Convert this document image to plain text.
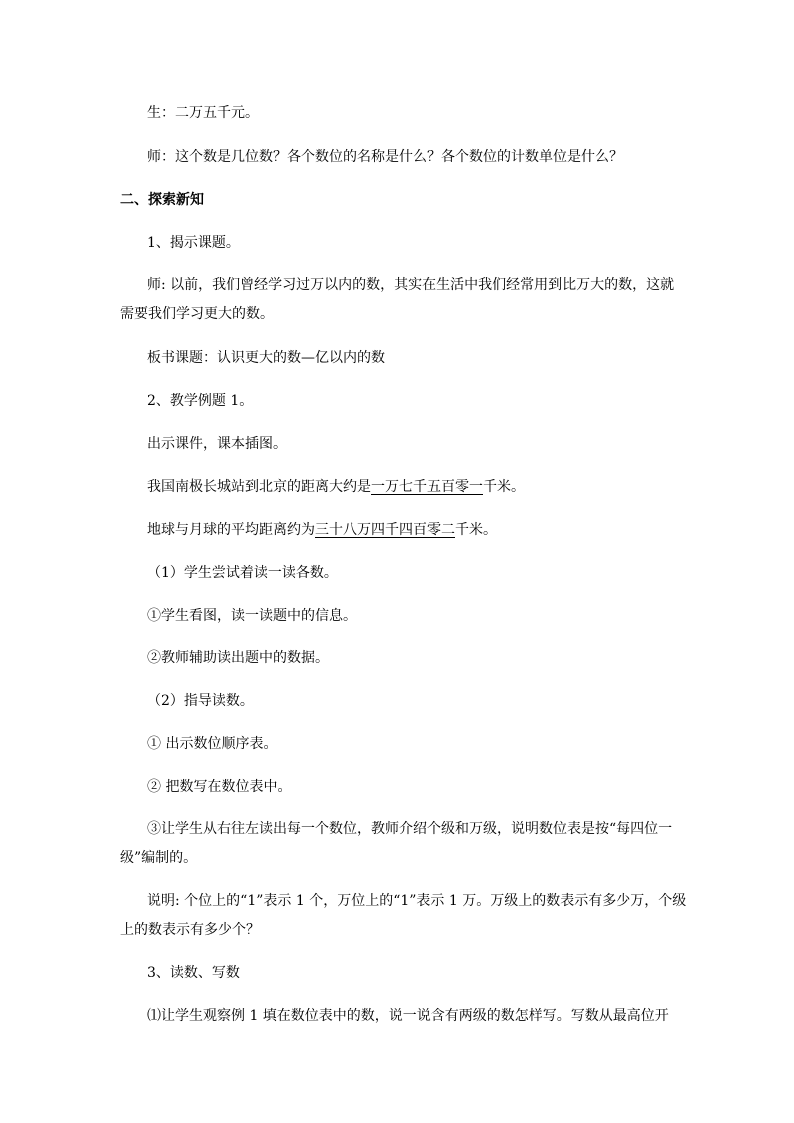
生：二万五千元。
师：这个数是几位数？各个数位的名称是什么？各个数位的计数单位是什么？
二、探索新知
1、揭示课题。
师: 以前，我们曾经学习过万以内的数，其实在生活中我们经常用到比万大的数，这就
需要我们学习更大的数。
板书课题：认识更大的数—亿以内的数
2、教学例题 1。
出示课件，课本插图。
我国南极长城站到北京的距离大约是一万七千五百零一千米。
地球与月球的平均距离约为三十八万四千四百零二千米。
（1）学生尝试着读一读各数。
①学生看图，读一读题中的信息。
②教师辅助读出题中的数据。
（2）指导读数。
① 出示数位顺序表。
② 把数写在数位表中。
③让学生从右往左读出每一个数位，教师介绍个级和万级，说明数位表是按“每四位一
级”编制的。
说明: 个位上的“1”表示 1 个，万位上的“1”表示 1 万。万级上的数表示有多少万，个级
上的数表示有多少个？
3、读数、写数
⑴让学生观察例 1 填在数位表中的数，说一说含有两级的数怎样写。写数从最高位开
